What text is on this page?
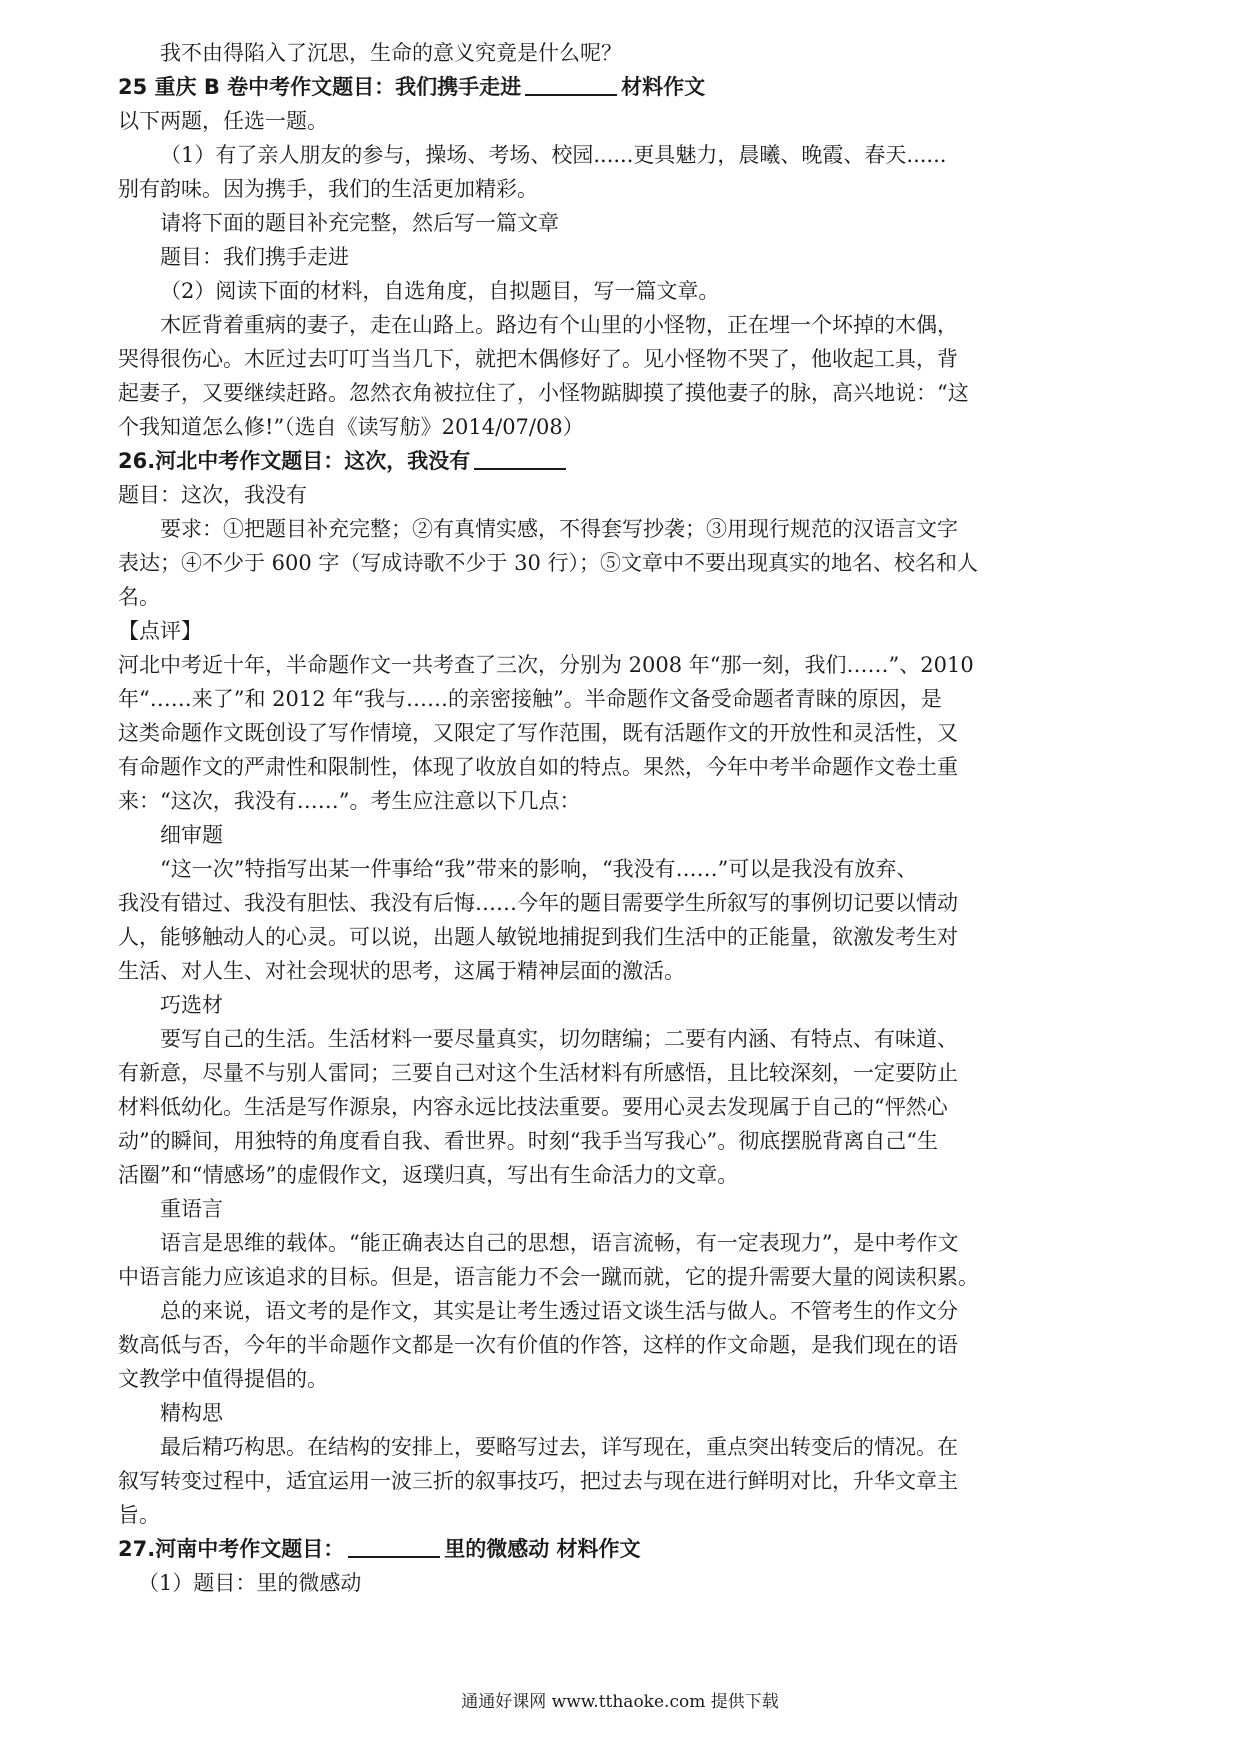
我不由得陷入了沉思，生命的意义究竟是什么呢？
25 重庆 B 卷中考作文题目：我们携手走进	材料作文
以下两题，任选一题。
（1）有了亲人朋友的参与，操场、考场、校园......更具魅力，晨曦、晚霞、春天......
别有韵味。因为携手，我们的生活更加精彩。
请将下面的题目补充完整，然后写一篇文章
题目：我们携手走进
（2）阅读下面的材料，自选角度，自拟题目，写一篇文章。
木匠背着重病的妻子，走在山路上。路边有个山里的小怪物，正在埋一个坏掉的木偶，
哭得很伤心。木匠过去叮叮当当几下，就把木偶修好了。见小怪物不哭了，他收起工具，背
起妻子，又要继续赶路。忽然衣角被拉住了，小怪物踮脚摸了摸他妻子的脉，高兴地说：“这
个我知道怎么修!”（选自《读写舫》2014/07/08）
26.河北中考作文题目：这次，我没有
题目：这次，我没有
要求：①把题目补充完整；②有真情实感，不得套写抄袭；③用现行规范的汉语言文字
表达；④不少于 600 字（写成诗歌不少于 30 行）；⑤文章中不要出现真实的地名、校名和人
名。
【点评】
河北中考近十年，半命题作文一共考查了三次，分别为 2008 年“那一刻，我们……”、2010
年“……来了”和 2012 年“我与……的亲密接触”。半命题作文备受命题者青睐的原因，是
这类命题作文既创设了写作情境，又限定了写作范围，既有活题作文的开放性和灵活性，又
有命题作文的严肃性和限制性，体现了收放自如的特点。果然，今年中考半命题作文卷土重
来：“这次，我没有……”。考生应注意以下几点：
细审题
“这一次”特指写出某一件事给“我”带来的影响，“我没有……”可以是我没有放弃、
我没有错过、我没有胆怯、我没有后悔……今年的题目需要学生所叙写的事例切记要以情动
人，能够触动人的心灵。可以说，出题人敏锐地捕捉到我们生活中的正能量，欲激发考生对
生活、对人生、对社会现状的思考，这属于精神层面的激活。
巧选材
要写自己的生活。生活材料一要尽量真实，切勿瞎编；二要有内涵、有特点、有味道、
有新意，尽量不与别人雷同；三要自己对这个生活材料有所感悟，且比较深刻，一定要防止
材料低幼化。生活是写作源泉，内容永远比技法重要。要用心灵去发现属于自己的“怦然心
动”的瞬间，用独特的角度看自我、看世界。时刻“我手当写我心”。彻底摆脱背离自己“生
活圈”和“情感场”的虚假作文，返璞归真，写出有生命活力的文章。
重语言
语言是思维的载体。“能正确表达自己的思想，语言流畅，有一定表现力”，是中考作文
中语言能力应该追求的目标。但是，语言能力不会一蹴而就，它的提升需要大量的阅读积累。
总的来说，语文考的是作文，其实是让考生透过语文谈生活与做人。不管考生的作文分
数高低与否，今年的半命题作文都是一次有价值的作答，这样的作文命题，是我们现在的语
文教学中值得提倡的。
精构思
最后精巧构思。在结构的安排上，要略写过去，详写现在，重点突出转变后的情况。在
叙写转变过程中，适宜运用一波三折的叙事技巧，把过去与现在进行鲜明对比，升华文章主
旨。
27.河南中考作文题目：	里的微感动 材料作文
（1）题目：里的微感动
通通好课网 www.tthaoke.com 提供下载
